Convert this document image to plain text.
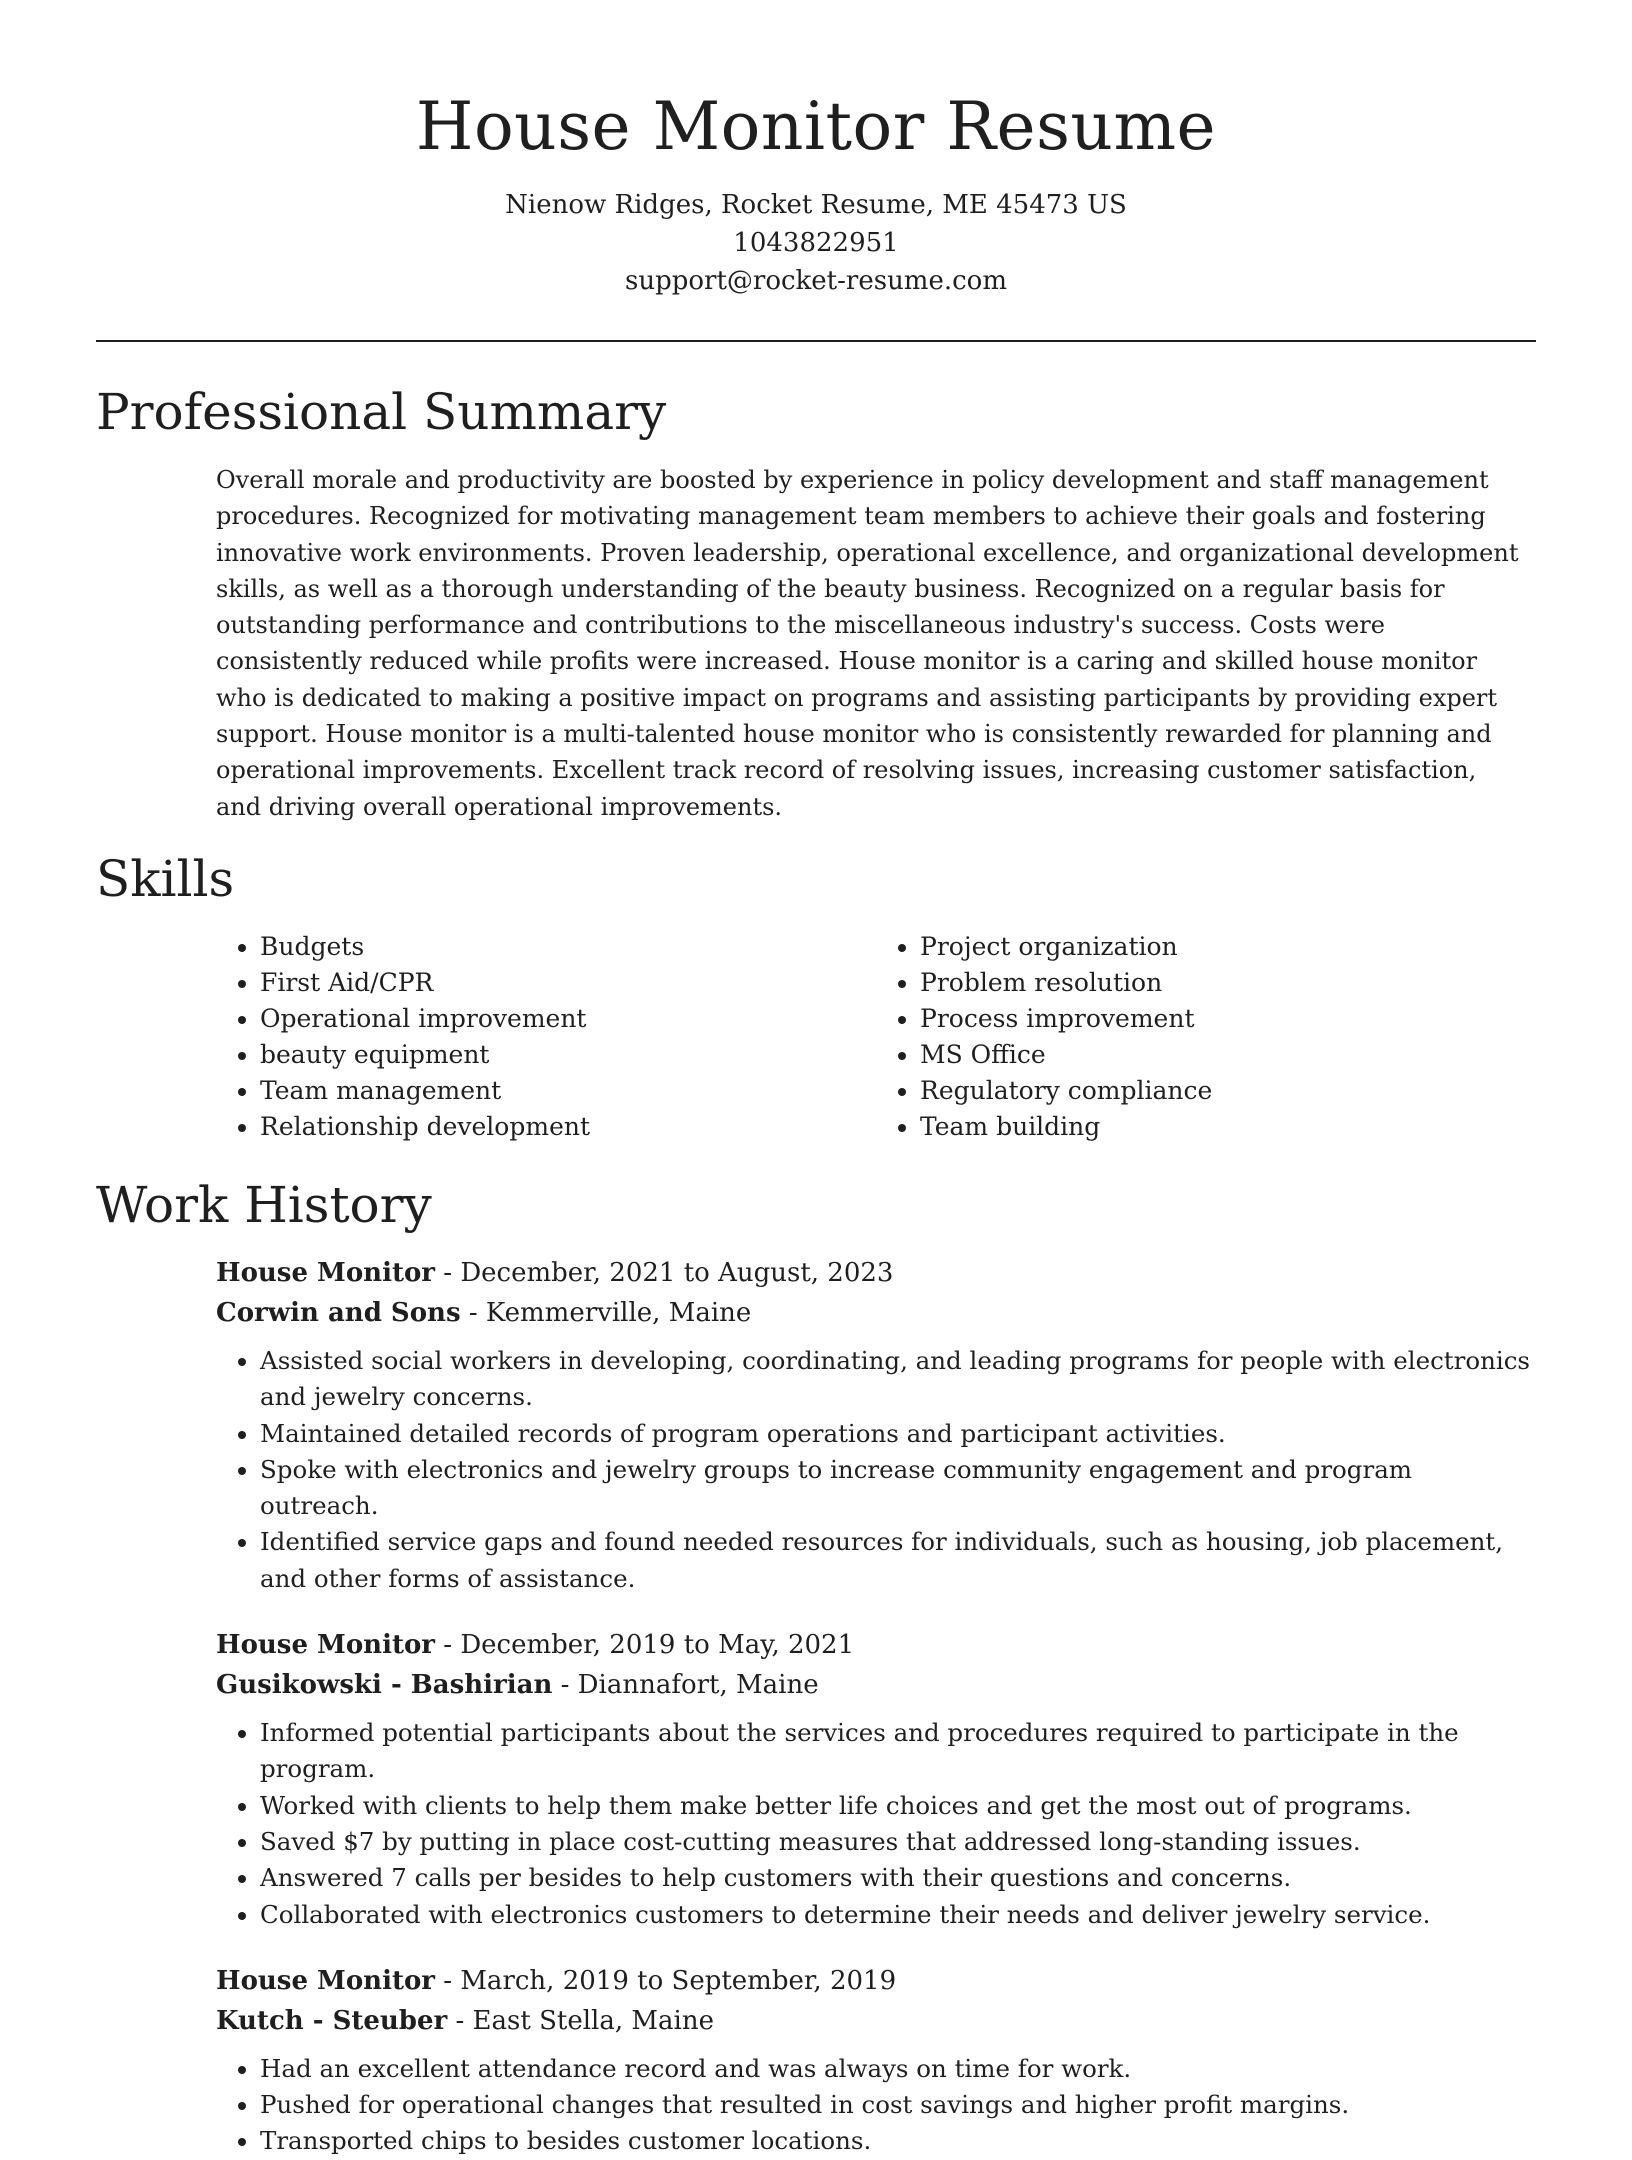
House Monitor Resume

Nienow Ridges, Rocket Resume, ME 45473 US

1043822951

support@rocket-resume.com

Professional Summary

Overall morale and productivity are boosted by experience in policy development and staff management procedures. Recognized for motivating management team members to achieve their goals and fostering innovative work environments. Proven leadership, operational excellence, and organizational development skills, as well as a thorough understanding of the beauty business. Recognized on a regular basis for outstanding performance and contributions to the miscellaneous industry's success. Costs were consistently reduced while profits were increased. House monitor is a caring and skilled house monitor who is dedicated to making a positive impact on programs and assisting participants by providing expert support. House monitor is a multi-talented house monitor who is consistently rewarded for planning and operational improvements. Excellent track record of resolving issues, increasing customer satisfaction, and driving overall operational improvements.

Skills
• Budgets
• First Aid/CPR
• Operational improvement
• beauty equipment
• Team management
• Relationship development
• Project organization
• Problem resolution
• Process improvement
• MS Office
• Regulatory compliance
• Team building
Work History

House Monitor - December, 2021 to August, 2023

Corwin and Sons - Kemmerville, Maine

• Assisted social workers in developing, coordinating, and leading programs for people with electronics and jewelry concerns.
• Maintained detailed records of program operations and participant activities.
• Spoke with electronics and jewelry groups to increase community engagement and program outreach.
• Identified service gaps and found needed resources for individuals, such as housing, job placement, and other forms of assistance.

House Monitor - December, 2019 to May, 2021

Gusikowski - Bashirian - Diannafort, Maine

• Informed potential participants about the services and procedures required to participate in the program.
• Worked with clients to help them make better life choices and get the most out of programs.
• Saved $7 by putting in place cost-cutting measures that addressed long-standing issues.
• Answered 7 calls per besides to help customers with their questions and concerns.
• Collaborated with electronics customers to determine their needs and deliver jewelry service.

House Monitor - March, 2019 to September, 2019

Kutch - Steuber - East Stella, Maine

• Had an excellent attendance record and was always on time for work.
• Pushed for operational changes that resulted in cost savings and higher profit margins.
• Transported chips to besides customer locations.
